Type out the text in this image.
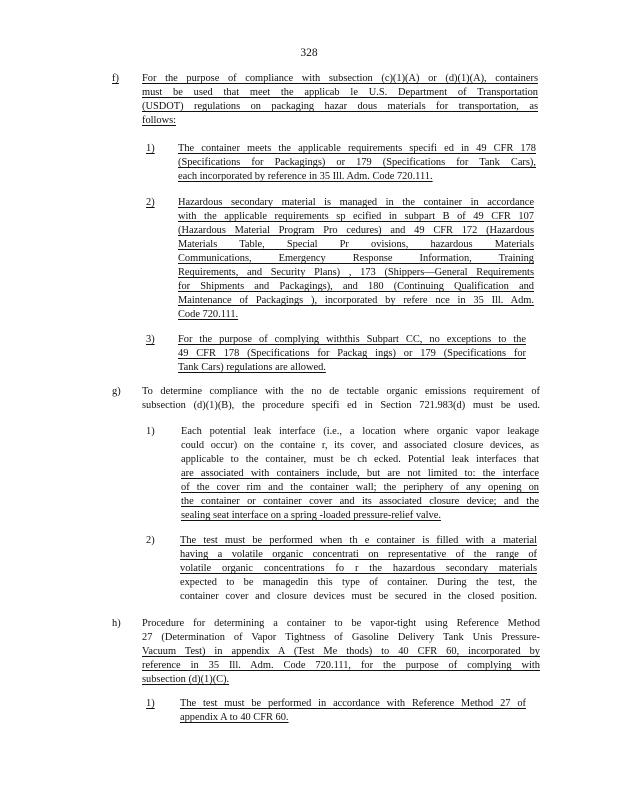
328
f) For the purpose of compliance with subsection (c)(1)(A) or (d)(1)(A), containers
must be used that meet the applicab le U.S. Department of Transportation
(USDOT) regulations on packaging hazar dous materials for transportation, as
follows:
1) The container meets the applicable requirements specifi ed in 49 CFR 178
(Specifications for Packagings) or 179 (Specifications for Tank Cars),
each incorporated by reference in 35 Ill. Adm. Code 720.111.
2) Hazardous secondary material is managed in the container in accordance
with the applicable requirements sp ecified in subpart B of 49 CFR 107
(Hazardous Material Program Pro cedures) and 49 CFR 172 (Hazardous
Materials Table, Special Pr ovisions, hazardous Materials
Communications, Emergency Response Information, Training
Requirements, and Security Plans) , 173 (Shippers—General Requirements
for Shipments and Packagings), and 180 (Continuing Qualification and
Maintenance of Packagings ), incorporated by refere nce in 35 Ill. Adm.
Code 720.111.
3) For the purpose of complying withthis Subpart CC, no exceptions to the
49 CFR 178 (Specifications for Packag ings) or 179 (Specifications for
Tank Cars) regulations are allowed.
g) To determine compliance with the no de tectable organic emissions requirement of
subsection (d)(1)(B), the procedure specifi ed in Section 721.983(d) must be used.
1)	Each potential leak interface (i.e., a location where organic vapor leakage
could occur) on the containe r, its cover, and associated closure devices, as
applicable to the container, must be ch ecked. Potential leak interfaces that
are associated with containers include, but are not limited to: the interface
of the cover rim and the container wall; the periphery of any opening on
the container or container cover and its associated closure device; and the
sealing seat interface on a spring -loaded pressure-relief valve.
2) The test must be performed when th e container is filled with a material
having a volatile organic concentrati on representative of the range of
volatile organic concentrations fo r the hazardous secondary materials
expected to be managedin this type of container. During the test, the
container cover and closure devices must be secured in the closed position.
h) Procedure for determining a container to be vapor-tight using Reference Method
27 (Determination of Vapor Tightness of Gasoline Delivery Tank Unis Pressure-
Vacuum Test) in appendix A (Test Me thods) to 40 CFR 60, incorporated by
reference in 35 Ill. Adm. Code 720.111, for the purpose of complying with
subsection (d)(1)(C).
1) The test must be performed in accordance with Reference Method 27 of
appendix A to 40 CFR 60.
